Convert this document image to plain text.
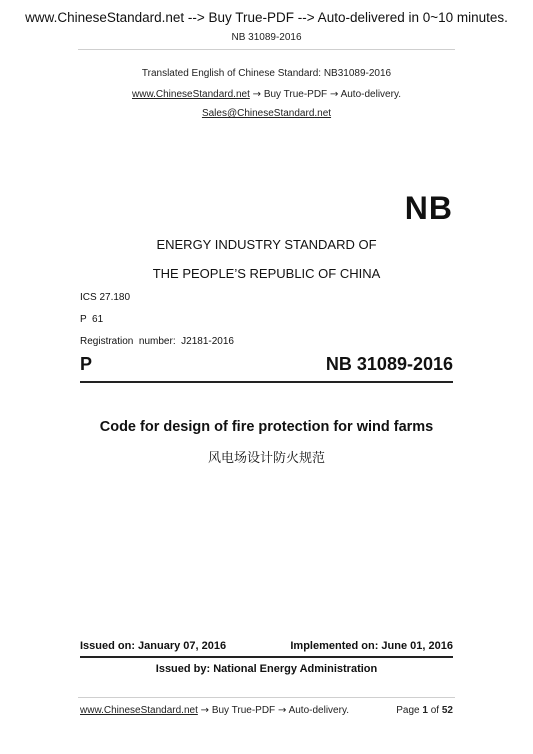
www.ChineseStandard.net --> Buy True-PDF --> Auto-delivered in 0~10 minutes.
NB 31089-2016
Translated English of Chinese Standard: NB31089-2016
www.ChineseStandard.net → Buy True-PDF → Auto-delivery.
Sales@ChineseStandard.net
NB
ENERGY INDUSTRY STANDARD OF
THE PEOPLE’S REPUBLIC OF CHINA
ICS 27.180
P  61
Registration  number:  J2181-2016
P	NB 31089-2016
Code for design of fire protection for wind farms
风电场设计防火规范
Issued on: January 07, 2016	Implemented on: June 01, 2016
Issued by: National Energy Administration
www.ChineseStandard.net → Buy True-PDF → Auto-delivery.	Page 1 of 52
